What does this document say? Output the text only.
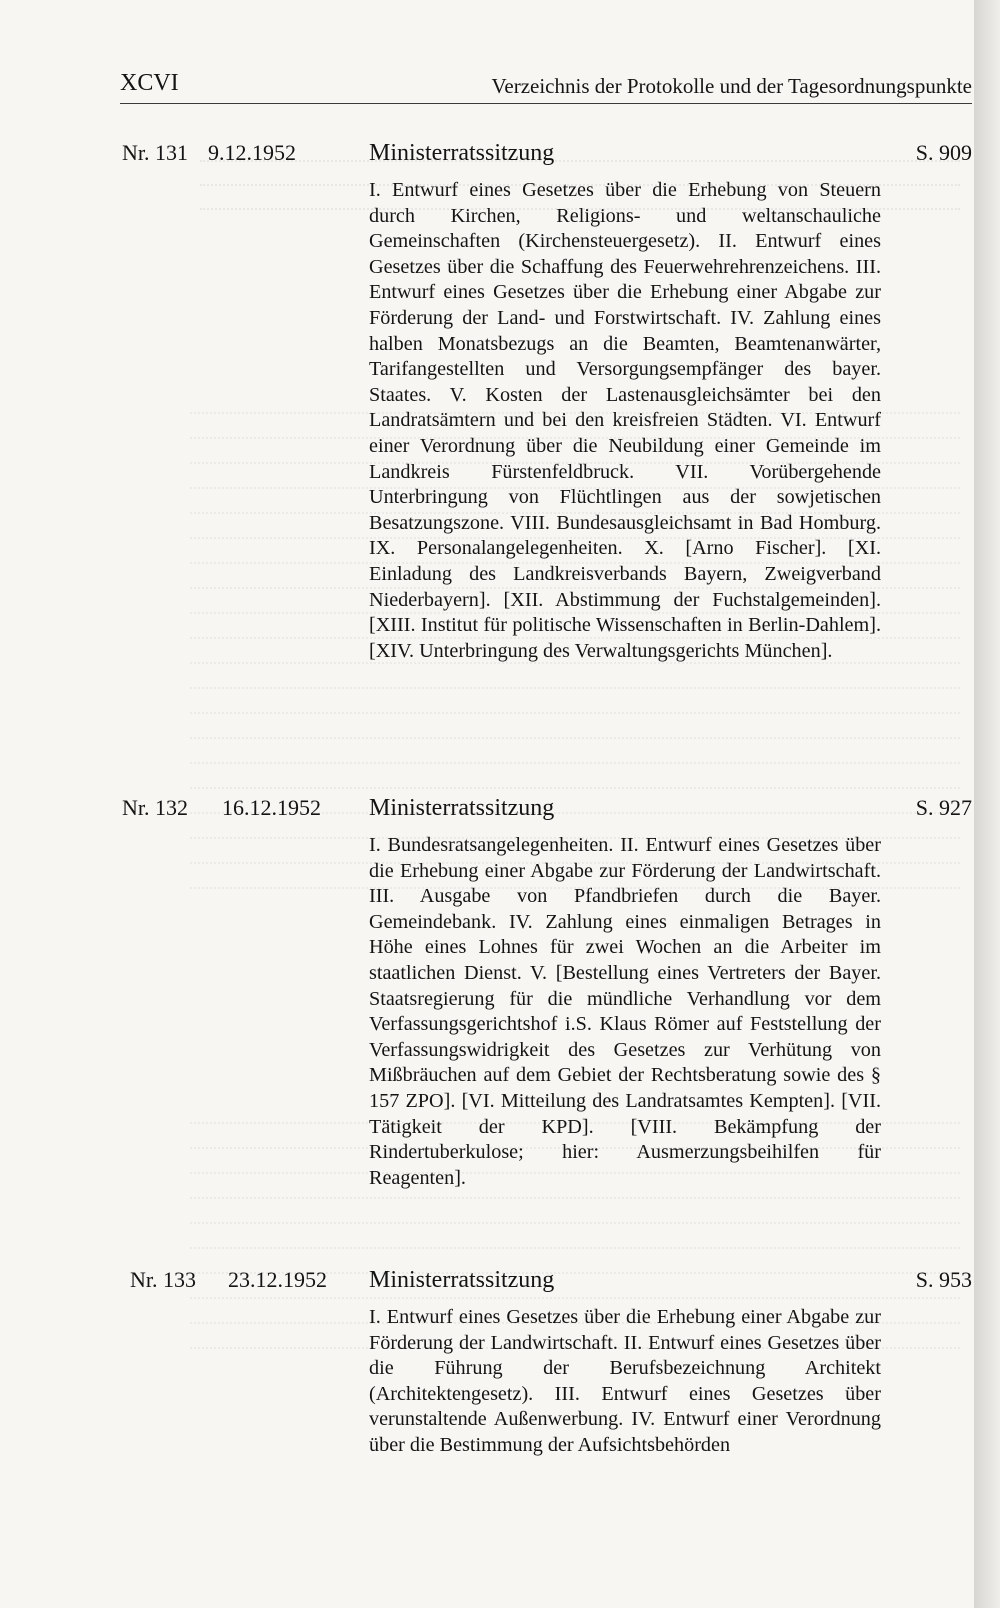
XCVI	Verzeichnis der Protokolle und der Tagesordnungspunkte
Nr. 131 9.12.1952	Ministerratssitzung	S. 909
I. Entwurf eines Gesetzes über die Erhebung von Steuern durch Kirchen, Religions- und weltanschauliche Gemeinschaften (Kirchensteuergesetz). II. Entwurf eines Gesetzes über die Schaffung des Feuerwehrehrenzeichens. III. Entwurf eines Gesetzes über die Erhebung einer Abgabe zur Förderung der Land- und Forstwirtschaft. IV. Zahlung eines halben Monatsbezugs an die Beamten, Beamtenanwärter, Tarifangestellten und Versorgungsempfänger des bayer. Staates. V. Kosten der Lastenausgleichsämter bei den Landratsämtern und bei den kreisfreien Städten. VI. Entwurf einer Verordnung über die Neubildung einer Gemeinde im Landkreis Fürstenfeldbruck. VII. Vorübergehende Unterbringung von Flüchtlingen aus der sowjetischen Besatzungszone. VIII. Bundesausgleichsamt in Bad Homburg. IX. Personalangelegenheiten. X. [Arno Fischer]. [XI. Einladung des Landkreisverbands Bayern, Zweigverband Niederbayern]. [XII. Abstimmung der Fuchstalgemeinden]. [XIII. Institut für politische Wissenschaften in Berlin-Dahlem]. [XIV. Unterbringung des Verwaltungsgerichts München].
Nr. 132 16.12.1952 Ministerratssitzung	S. 927
I. Bundesratsangelegenheiten. II. Entwurf eines Gesetzes über die Erhebung einer Abgabe zur Förderung der Landwirtschaft. III. Ausgabe von Pfandbriefen durch die Bayer. Gemeindebank. IV. Zahlung eines einmaligen Betrages in Höhe eines Lohnes für zwei Wochen an die Arbeiter im staatlichen Dienst. V. [Bestellung eines Vertreters der Bayer. Staatsregierung für die mündliche Verhandlung vor dem Verfassungsgerichtshof i.S. Klaus Römer auf Feststellung der Verfassungswidrigkeit des Gesetzes zur Verhütung von Mißbräuchen auf dem Gebiet der Rechtsberatung sowie des § 157 ZPO]. [VI. Mitteilung des Landratsamtes Kempten]. [VII. Tätigkeit der KPD]. [VIII. Bekämpfung der Rindertuberkulose; hier: Ausmerzungsbeihilfen für Reagenten].
Nr. 133 23.12.1952 Ministerratssitzung	S. 953
I. Entwurf eines Gesetzes über die Erhebung einer Abgabe zur Förderung der Landwirtschaft. II. Entwurf eines Gesetzes über die Führung der Berufsbezeichnung Architekt (Architektengesetz). III. Entwurf eines Gesetzes über verunstaltende Außenwerbung. IV. Entwurf einer Verordnung über die Bestimmung der Aufsichtsbehörden
